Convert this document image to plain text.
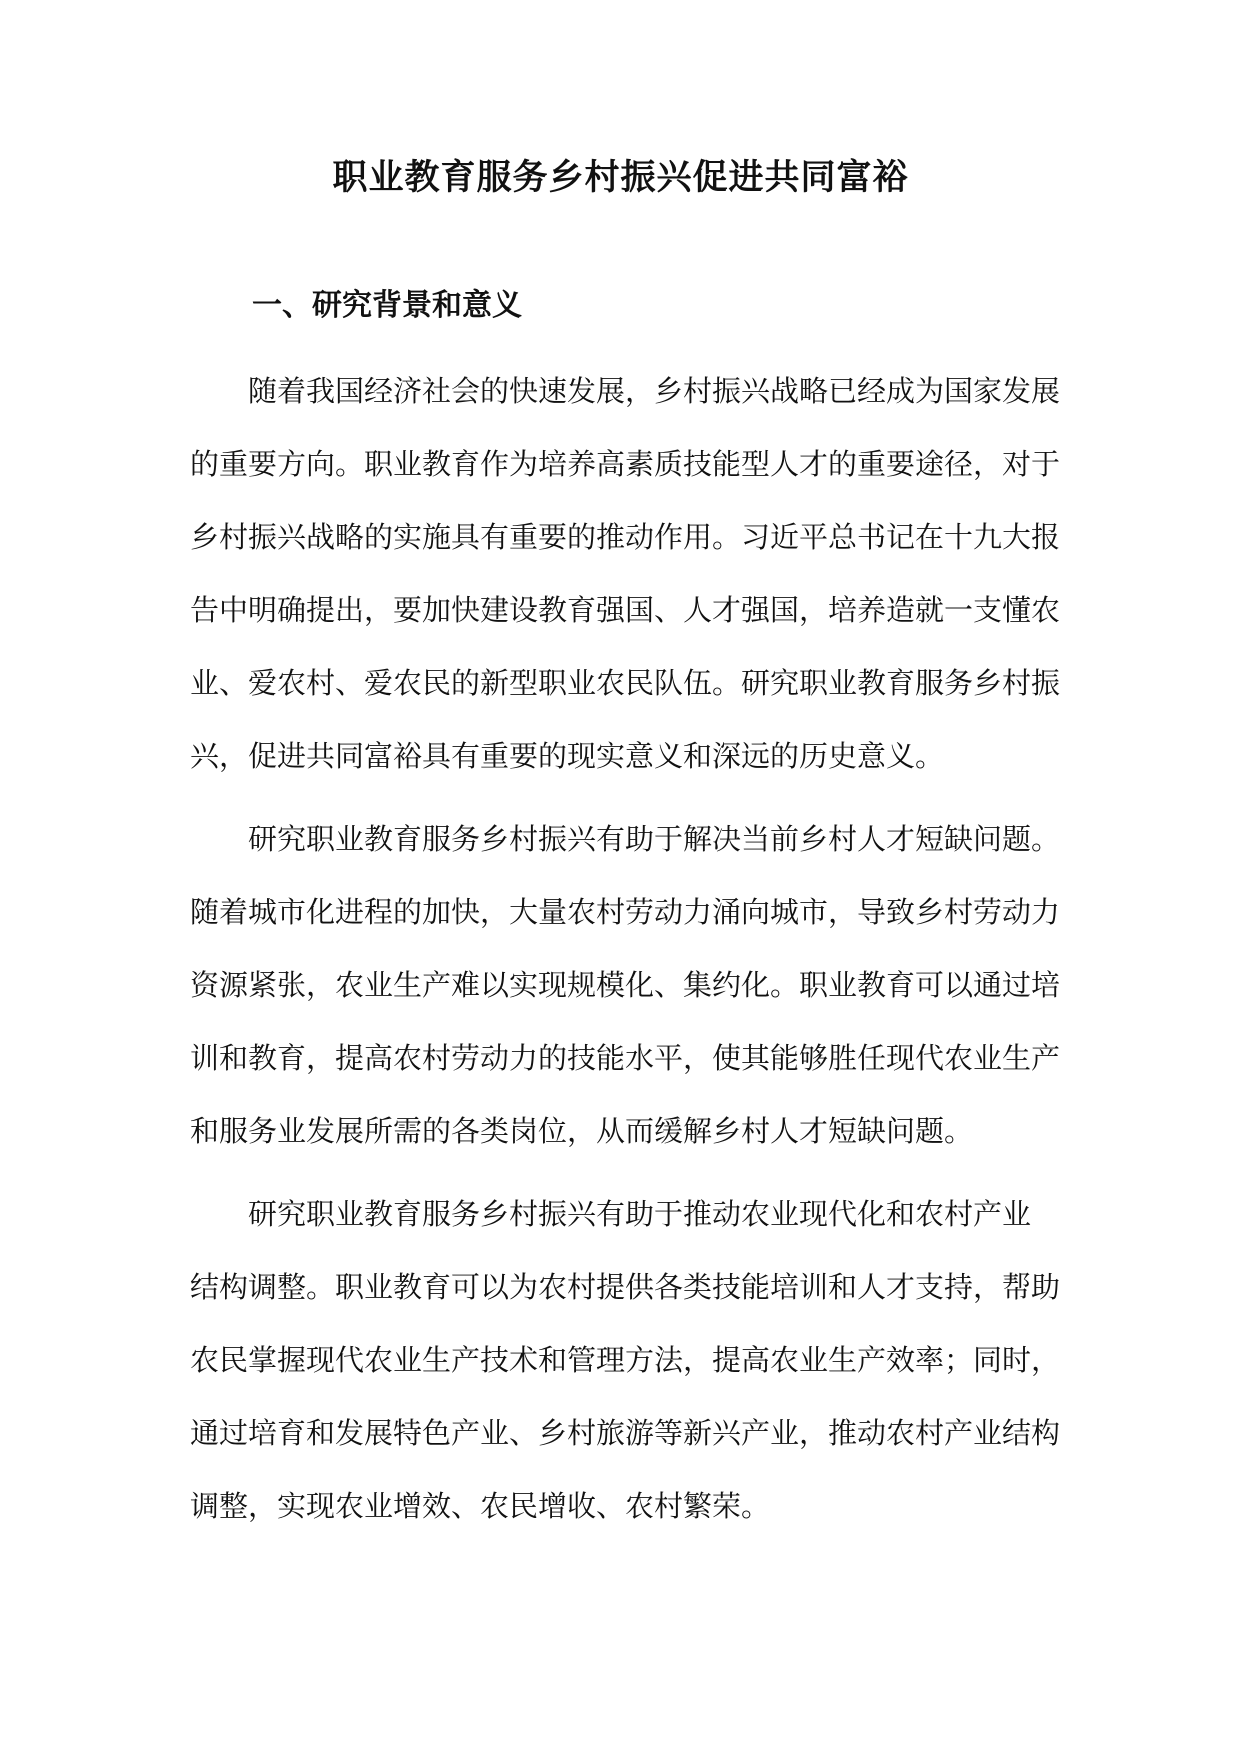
职业教育服务乡村振兴促进共同富裕
一、研究背景和意义
随着我国经济社会的快速发展，乡村振兴战略已经成为国家发展
的重要方向。职业教育作为培养高素质技能型人才的重要途径，对于
乡村振兴战略的实施具有重要的推动作用。习近平总书记在十九大报
告中明确提出，要加快建设教育强国、人才强国，培养造就一支懂农
业、爱农村、爱农民的新型职业农民队伍。研究职业教育服务乡村振
兴，促进共同富裕具有重要的现实意义和深远的历史意义。
研究职业教育服务乡村振兴有助于解决当前乡村人才短缺问题。
随着城市化进程的加快，大量农村劳动力涌向城市，导致乡村劳动力
资源紧张，农业生产难以实现规模化、集约化。职业教育可以通过培
训和教育，提高农村劳动力的技能水平，使其能够胜任现代农业生产
和服务业发展所需的各类岗位，从而缓解乡村人才短缺问题。
研究职业教育服务乡村振兴有助于推动农业现代化和农村产业
结构调整。职业教育可以为农村提供各类技能培训和人才支持，帮助
农民掌握现代农业生产技术和管理方法，提高农业生产效率；同时，
通过培育和发展特色产业、乡村旅游等新兴产业，推动农村产业结构
调整，实现农业增效、农民增收、农村繁荣。
